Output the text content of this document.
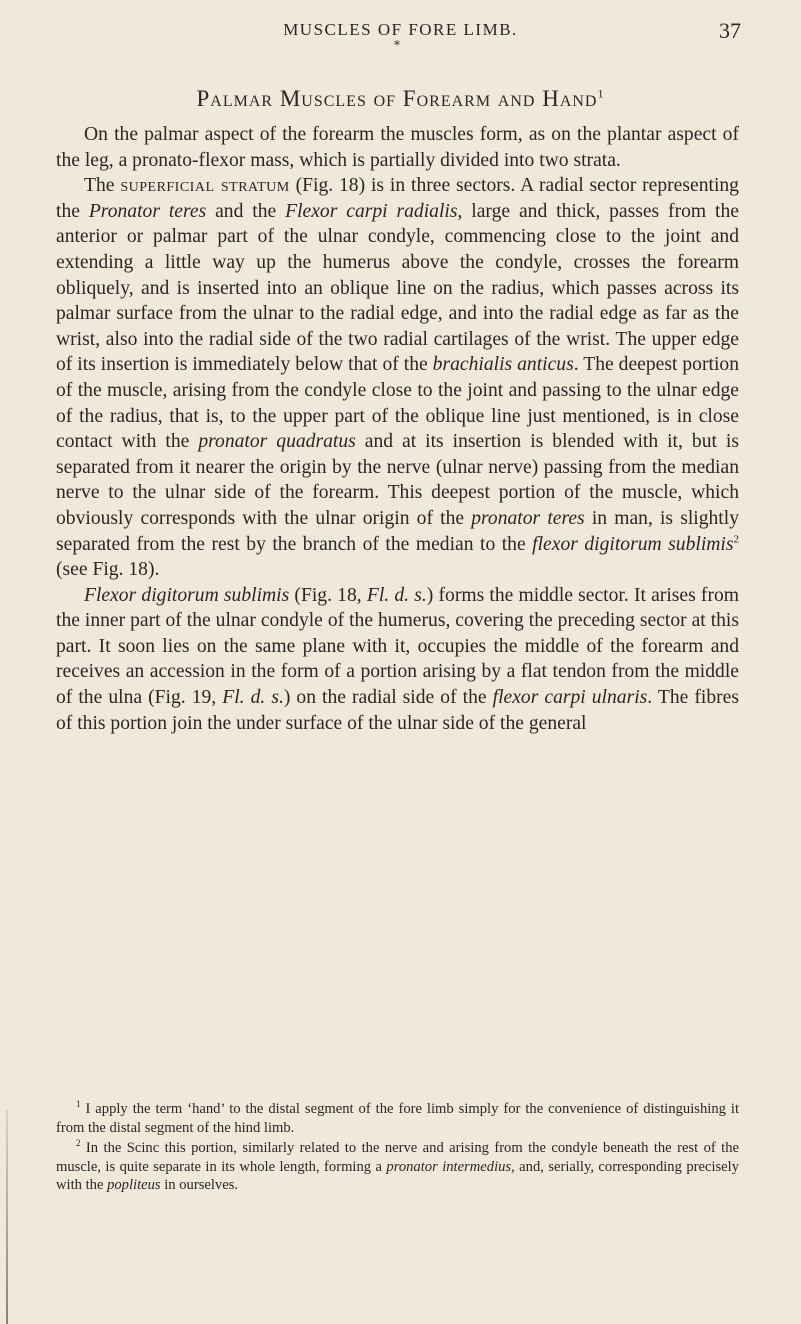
MUSCLES OF FORE LIMB.	37
*
Palmar Muscles of Forearm and Hand$^1$

On the palmar aspect of the forearm the muscles form, as on the plantar aspect of the leg, a pronato-flexor mass, which is partially divided into two strata.

The superficial stratum (Fig. 18) is in three sectors. A radial sector representing the Pronator teres and the Flexor carpi radialis, large and thick, passes from the anterior or palmar part of the ulnar condyle, commencing close to the joint and extending a little way up the humerus above the condyle, crosses the forearm obliquely, and is inserted into an oblique line on the radius, which passes across its palmar surface from the ulnar to the radial edge, and into the radial edge as far as the wrist, also into the radial side of the two radial cartilages of the wrist. The upper edge of its insertion is immediately below that of the brachialis anticus. The deepest portion of the muscle, arising from the condyle close to the joint and passing to the ulnar edge of the radius, that is, to the upper part of the oblique line just mentioned, is in close contact with the pronator quadratus and at its insertion is blended with it, but is separated from it nearer the origin by the nerve (ulnar nerve) passing from the median nerve to the ulnar side of the forearm. This deepest portion of the muscle, which obviously corresponds with the ulnar origin of the pronator teres in man, is slightly separated from the rest by the branch of the median to the flexor digitorum sublimis$^2$ (see Fig. 18).

Flexor digitorum sublimis (Fig. 18, Fl. d. s.) forms the middle sector. It arises from the inner part of the ulnar condyle of the humerus, covering the preceding sector at this part. It soon lies on the same plane with it, occupies the middle of the forearm and receives an accession in the form of a portion arising by a flat tendon from the middle of the ulna (Fig. 19, Fl. d. s.) on the radial side of the flexor carpi ulnaris. The fibres of this portion join the under surface of the ulnar side of the general

$^1$ I apply the term ‘hand’ to the distal segment of the fore limb simply for the convenience of distinguishing it from the distal segment of the hind limb.

$^2$ In the Scinc this portion, similarly related to the nerve and arising from the condyle beneath the rest of the muscle, is quite separate in its whole length, forming a pronator intermedius, and, serially, corresponding precisely with the popliteus in ourselves.
